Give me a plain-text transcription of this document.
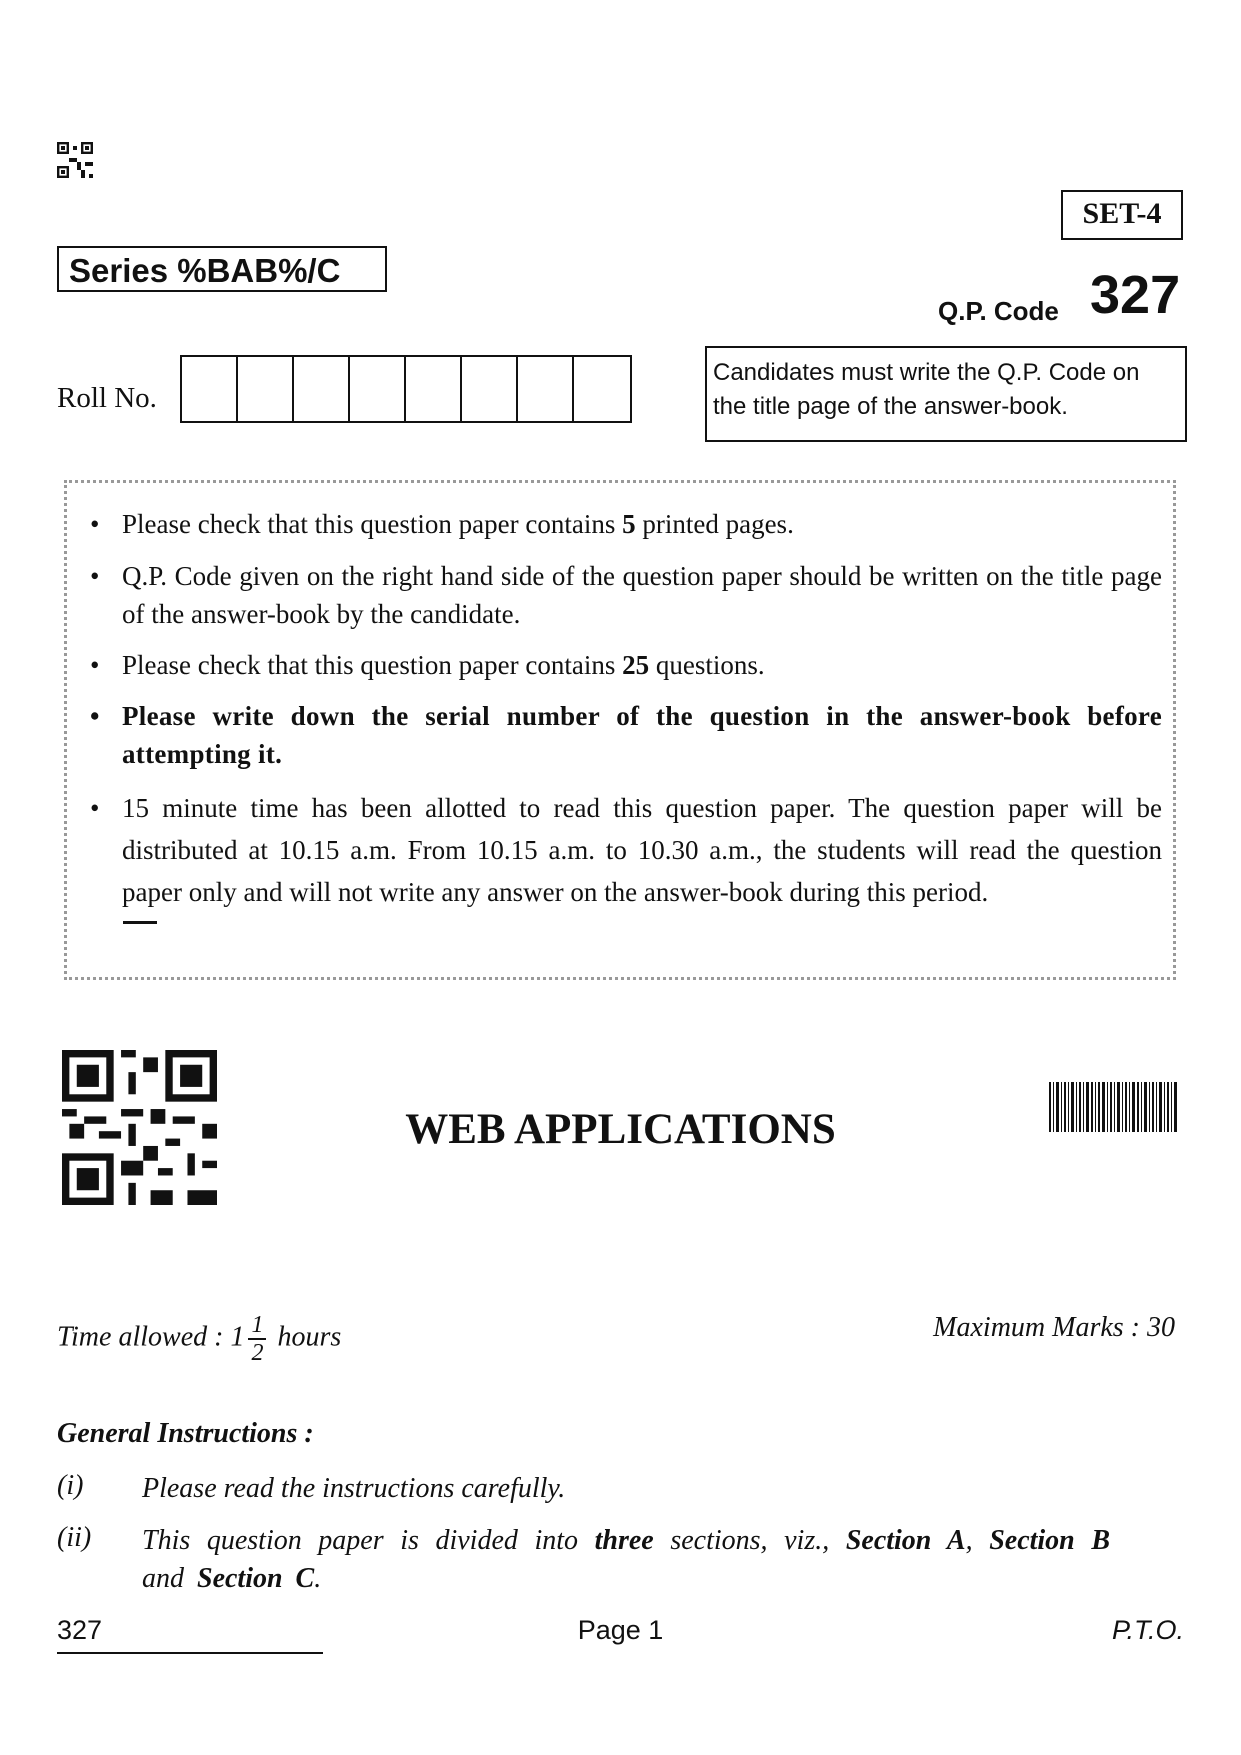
SET-4
Series %BAB%/C
Q.P. Code 327
Roll No.
Candidates must write the Q.P. Code on the title page of the answer-book.
• Please check that this question paper contains 5 printed pages.
• Q.P. Code given on the right hand side of the question paper should be written on the title page of the answer-book by the candidate.
• Please check that this question paper contains 25 questions.
• Please write down the serial number of the question in the answer-book before attempting it.
• 15 minute time has been allotted to read this question paper. The question paper will be distributed at 10.15 a.m. From 10.15 a.m. to 10.30 a.m., the students will read the question paper only and will not write any answer on the answer-book during this period.
WEB APPLICATIONS
Time allowed : $1 \frac{1}{2}$ hours	Maximum Marks : 30
General Instructions :
(i) Please read the instructions carefully.
(ii) This question paper is divided into three sections, viz., Section A, Section B and Section C.
327	Page 1	P.T.O.
